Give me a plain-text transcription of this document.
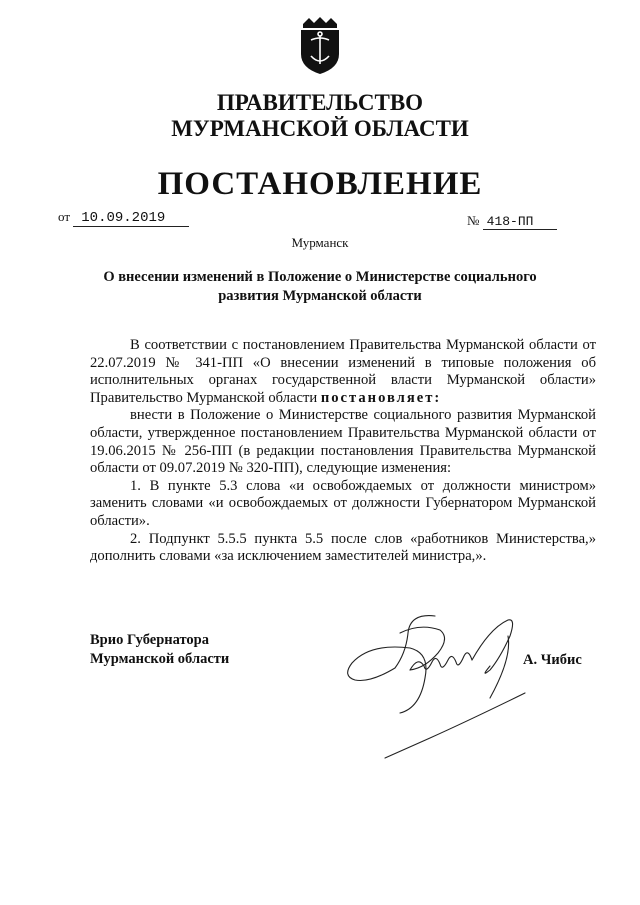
ПРАВИТЕЛЬСТВО
МУРМАНСКОЙ ОБЛАСТИ
ПОСТАНОВЛЕНИЕ
от 10.09.2019	№ 418-ПП
Мурманск
О внесении изменений в Положение о Министерстве социального
развития Мурманской области

В соответствии с постановлением Правительства Мурманской области от 22.07.2019 № 341-ПП «О внесении изменений в типовые положения об исполнительных органах государственной власти Мурманской области» Правительство Мурманской области постановляет:

внести в Положение о Министерстве социального развития Мурманской области, утвержденное постановлением Правительства Мурманской области от 19.06.2015 № 256-ПП (в редакции постановления Правительства Мурманской области от 09.07.2019 № 320-ПП), следующие изменения:

1. В пункте 5.3 слова «и освобождаемых от должности министром» заменить словами «и освобождаемых от должности Губернатором Мурманской области».

2. Подпункт 5.5.5 пункта 5.5 после слов «работников Министерства,» дополнить словами «за исключением заместителей министра,».

Врио Губернатора
Мурманской области	А. Чибис
